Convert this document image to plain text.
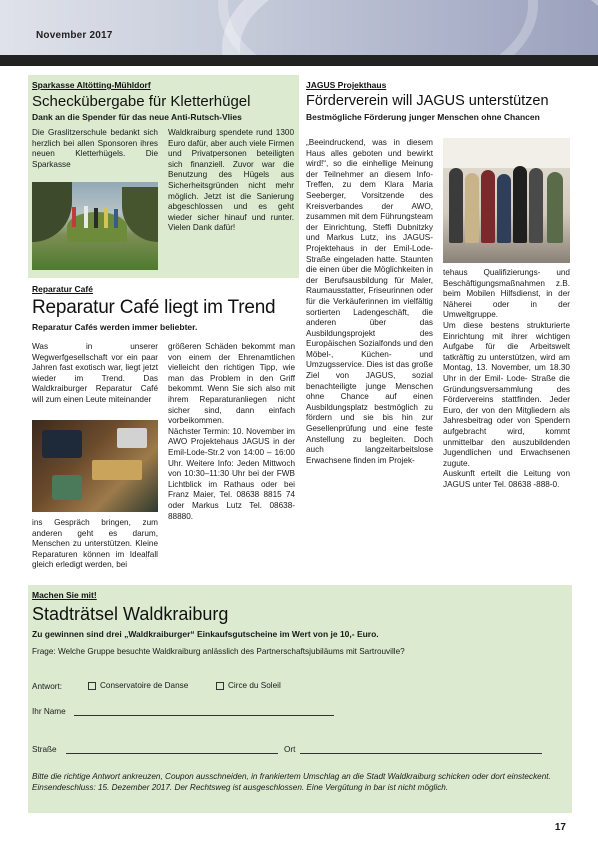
November 2017

Sparkasse Altötting-Mühldorf

Scheckübergabe für Kletterhügel

Dank an die Spender für das neue Anti-Rutsch-Vlies

Die Graslitzerschule bedankt sich herzlich bei allen Sponsoren ihres neuen Kletterhügels. Die Sparkasse

Waldkraiburg spendete rund 1300 Euro dafür, aber auch viele Firmen und Privatpersonen beteiligten sich finanziell. Zuvor war die Benutzung des Hügels aus Sicherheitsgründen nicht mehr möglich. Jetzt ist die Sanierung abgeschlossen und es geht wieder sicher hinauf und runter. Vielen Dank dafür!

Reparatur Café

Reparatur Café liegt im Trend

Reparatur Cafés werden immer beliebter.

Was in unserer Wegwerfgesellschaft vor ein paar Jahren fast exotisch war, liegt jetzt wieder im Trend. Das Waldkraiburger Reparatur Café will zum einen Leute miteinander

ins Gespräch bringen, zum anderen geht es darum, Menschen zu unterstützen. Kleine Reparaturen können im Idealfall gleich erledigt werden, bei

größeren Schäden bekommt man von einem der Ehrenamtlichen vielleicht den richtigen Tipp, wie man das Problem in den Griff bekommt. Wenn Sie sich also mit ihrem Reparaturanliegen nicht sicher sind, dann einfach vorbeikommen.
Nächster Termin: 10. November im AWO Projektehaus JAGUS in der Emil-Lode-Str.2 von 14:00 – 16:00 Uhr. Weitere Info: Jeden Mittwoch von 10:30–11:30 Uhr bei der FWB Lichtblick im Rathaus oder bei Franz Maier, Tel. 08638 8815 74 oder Markus Lutz Tel. 08638-88880.

JAGUS Projekthaus

Förderverein will JAGUS unterstützen

Bestmögliche Förderung junger Menschen ohne Chancen

„Beeindruckend, was in diesem Haus alles geboten und bewirkt wird!“, so die einhellige Meinung der Teilnehmer an diesem Info-Treffen, zu dem Klara Maria Seeberger, Vorsitzende des Kreisverbandes der AWO, zusammen mit dem Führungsteam der Einrichtung, Steffi Dubnitzky und Markus Lutz, ins JAGUS-Projektehaus in der Emil-Lode-Straße eingeladen hatte. Staunten die einen über die Möglichkeiten in der Berufsausbildung für Maler, Raumausstatter, Friseurinnen oder für die Verkäuferinnen im vielfältig sortierten Ladengeschäft, die anderen über das Ausbildungsprojekt des Europäischen Sozialfonds und den Möbel-, Küchen- und Umzugsservice. Dies ist das große Ziel von JAGUS, sozial benachteiligte junge Menschen ohne Chance auf einen Ausbildungsplatz bestmöglich zu fördern und sie bis hin zur Gesellenprüfung und eine feste Anstellung zu begleiten. Doch auch langzeitarbeitslose Erwachsene finden im Projek-

tehaus Qualifizierungs- und Beschäftigungsmaßnahmen z.B. beim Mobilen Hilfsdienst, in der Näherei oder in der Umweltgruppe.
Um diese bestens strukturierte Einrichtung mit ihrer wichtigen Aufgabe für die Arbeitswelt tatkräftig zu unterstützen, wird am Montag, 13. November, um 18.30 Uhr in der Emil- Lode- Straße die Gründungsversammlung des Fördervereins stattfinden. Jeder Euro, der von den Mitgliedern als Jahresbeitrag oder von Spendern aufgebracht wird, kommt unmittelbar den auszubildenden Jugendlichen und Erwachsenen zugute.
Auskunft erteilt die Leitung von JAGUS unter Tel. 08638 -888-0.

Machen Sie mit!

Stadträtsel Waldkraiburg

Zu gewinnen sind drei „Waldkraiburger“ Einkaufsgutscheine im Wert von je 10,- Euro.

Frage: Welche Gruppe besuchte Waldkraiburg anlässlich des Partnerschaftsjubiläums mit Sartrouville?

Antwort:	Conservatoire de Danse	Circe du Soleil
Ihr Name
Straße	Ort

Bitte die richtige Antwort ankreuzen, Coupon ausschneiden, in frankiertem Umschlag an die Stadt Waldkraiburg schicken oder dort einsteckent. Einsendeschluss: 15. Dezember 2017. Der Rechtsweg ist ausgeschlossen. Eine Vergütung in bar ist nicht möglich.

17
